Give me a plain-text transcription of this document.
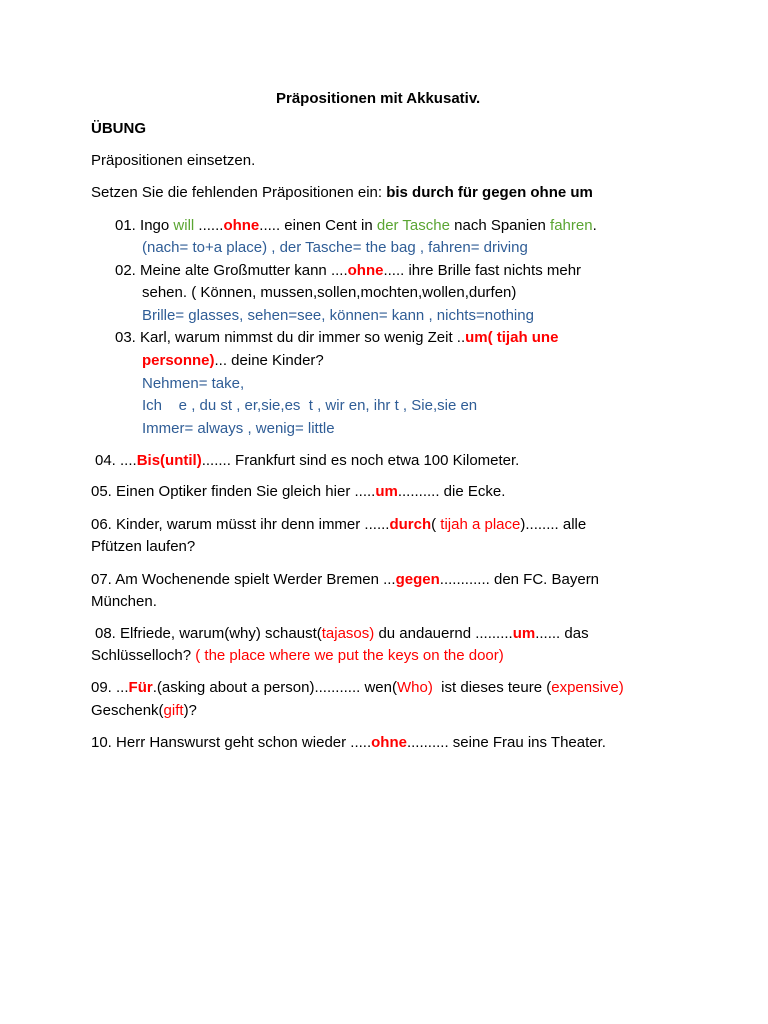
Präpositionen mit Akkusativ.
ÜBUNG
Präpositionen einsetzen.
Setzen Sie die fehlenden Präpositionen ein: bis durch für gegen ohne um
01. Ingo will ......ohne..... einen Cent in der Tasche nach Spanien fahren.
(nach= to+a place) , der Tasche= the bag , fahren= driving
02. Meine alte Großmutter kann ....ohne..... ihre Brille fast nichts mehr
sehen. ( Können, mussen,sollen,mochten,wollen,durfen)
Brille= glasses, sehen=see, können= kann , nichts=nothing
03. Karl, warum nimmst du dir immer so wenig Zeit ..um( tijah une
personne)... deine Kinder?
Nehmen= take,
Ich    e , du st , er,sie,es  t , wir en, ihr t , Sie,sie en
Immer= always , wenig= little
04. ....Bis(until)....... Frankfurt sind es noch etwa 100 Kilometer.
05. Einen Optiker finden Sie gleich hier .....um.......... die Ecke.
06. Kinder, warum müsst ihr denn immer ......durch( tijah a place)........ alle
Pfützen laufen?
07. Am Wochenende spielt Werder Bremen ...gegen............ den FC. Bayern
München.
08. Elfriede, warum(why) schaust(tajasos) du andauernd .........um...... das
Schlüsselloch? ( the place where we put the keys on the door)
09. ...Für.(asking about a person)........... wen(Who)  ist dieses teure (expensive)
Geschenk(gift)?
10. Herr Hanswurst geht schon wieder .....ohne.......... seine Frau ins Theater.
